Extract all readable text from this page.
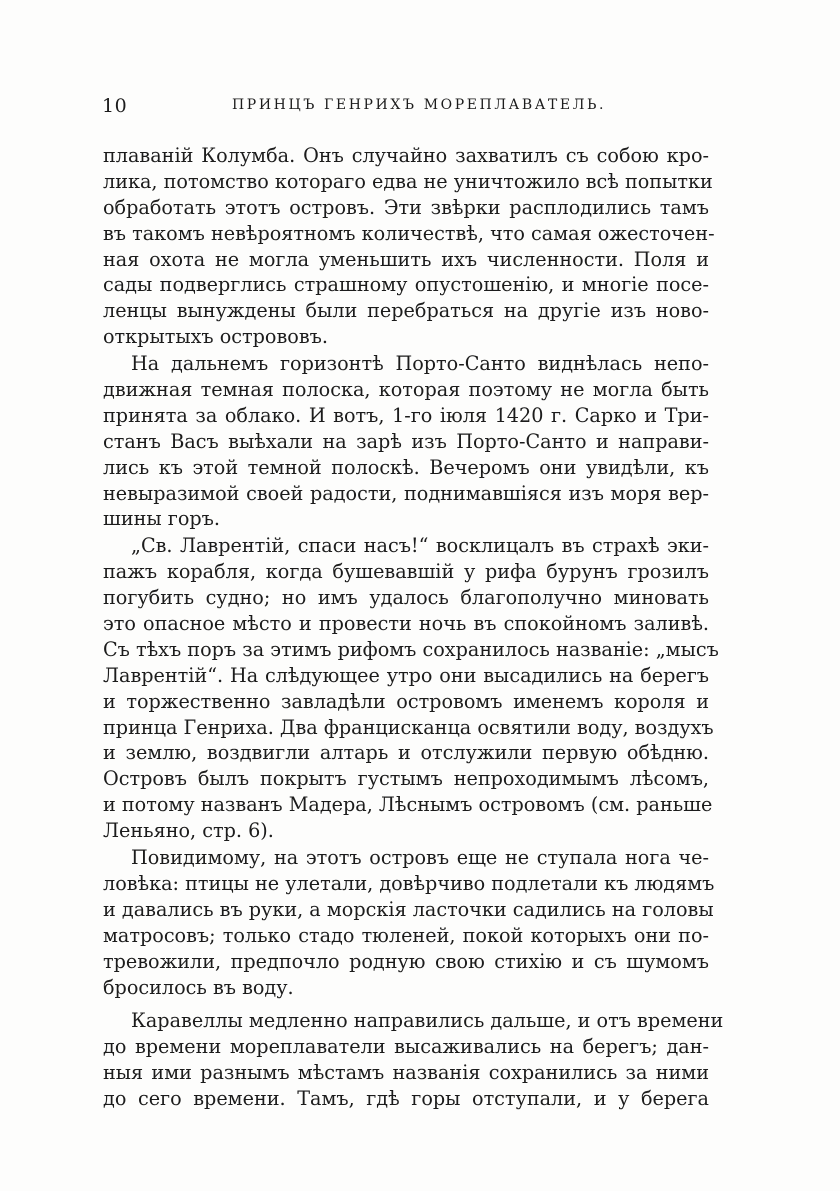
10	ПРИНЦЪ ГЕНРИХЪ МОРЕПЛАВАТЕЛЬ.
плаваній Колумба. Онъ случайно захватилъ съ собою кро-
лика, потомство котораго едва не уничтожило всѣ попытки
обработать этотъ островъ. Эти звѣрки расплодились тамъ
въ такомъ невѣроятномъ количествѣ, что самая ожесточен-
ная охота не могла уменьшить ихъ численности. Поля и
сады подверглись страшному опустошенію, и многіе посе-
ленцы вынуждены были перебраться на другіе изъ ново-
открытыхъ острововъ.
На дальнемъ горизонтѣ Порто-Санто виднѣлась непо-
движная темная полоска, которая поэтому не могла быть
принята за облако. И вотъ, 1-го іюля 1420 г. Сарко и Три-
станъ Васъ выѣхали на зарѣ изъ Порто-Санто и направи-
лись къ этой темной полоскѣ. Вечеромъ они увидѣли, къ
невыразимой своей радости, поднимавшіяся изъ моря вер-
шины горъ.
„Св. Лаврентій, спаси насъ!“ восклицалъ въ страхѣ эки-
пажъ корабля, когда бушевавшій у рифа бурунъ грозилъ
погубить судно; но имъ удалось благополучно миновать
это опасное мѣсто и провести ночь въ спокойномъ заливѣ.
Съ тѣхъ поръ за этимъ рифомъ сохранилось названіе: „мысъ
Лаврентій“. На слѣдующее утро они высадились на берегъ
и торжественно завладѣли островомъ именемъ короля и
принца Генриха. Два францисканца освятили воду, воздухъ
и землю, воздвигли алтарь и отслужили первую обѣдню.
Островъ былъ покрытъ густымъ непроходимымъ лѣсомъ,
и потому названъ Мадера, Лѣснымъ островомъ (см. раньше
Леньяно, стр. 6).
Повидимому, на этотъ островъ еще не ступала нога че-
ловѣка: птицы не улетали, довѣрчиво подлетали къ людямъ
и давались въ руки, а морскія ласточки садились на головы
матросовъ; только стадо тюленей, покой которыхъ они по-
тревожили, предпочло родную свою стихію и съ шумомъ
бросилось въ воду.
Каравеллы медленно направились дальше, и отъ времени
до времени мореплаватели высаживались на берегъ; дан-
ныя ими разнымъ мѣстамъ названія сохранились за ними
до сего времени. Тамъ, гдѣ горы отступали, и у берега
